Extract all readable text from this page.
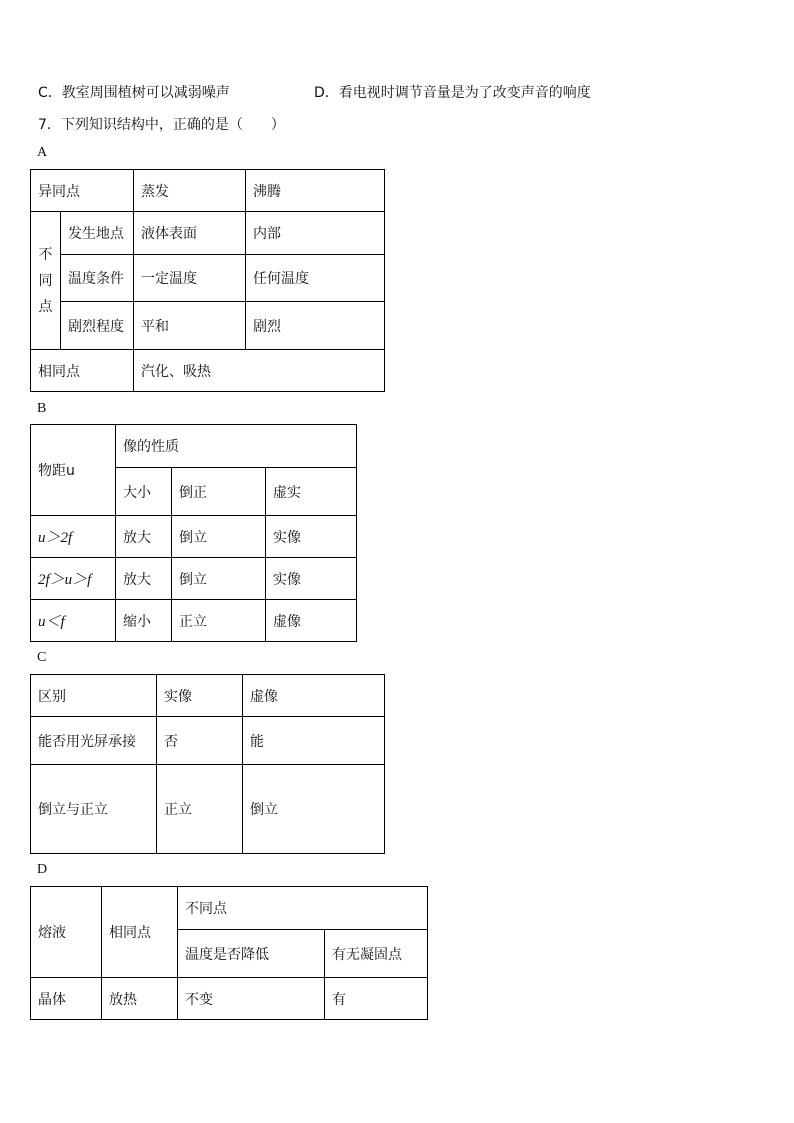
C．教室周围植树可以减弱噪声	D．看电视时调节音量是为了改变声音的响度
7．下列知识结构中，正确的是（　　）
A
异同点		蒸发	沸腾

不同点	发生地点	液体表面	内部
	温度条件	一定温度	任何温度
	剧烈程度	平和	剧烈
相同点		汽化、吸热	
B
物距u	像的性质		
	大小	倒正	虚实
u＞2f	放大	倒立	实像
2f＞u＞f	放大	倒立	实像
u＜f	缩小	正立	虚像
C
区别	实像	虚像
能否用光屏承接	否	能
倒立与正立	正立	倒立
D
熔液	相同点	不同点	
		温度是否降低	有无凝固点
晶体	放热	不变	有
